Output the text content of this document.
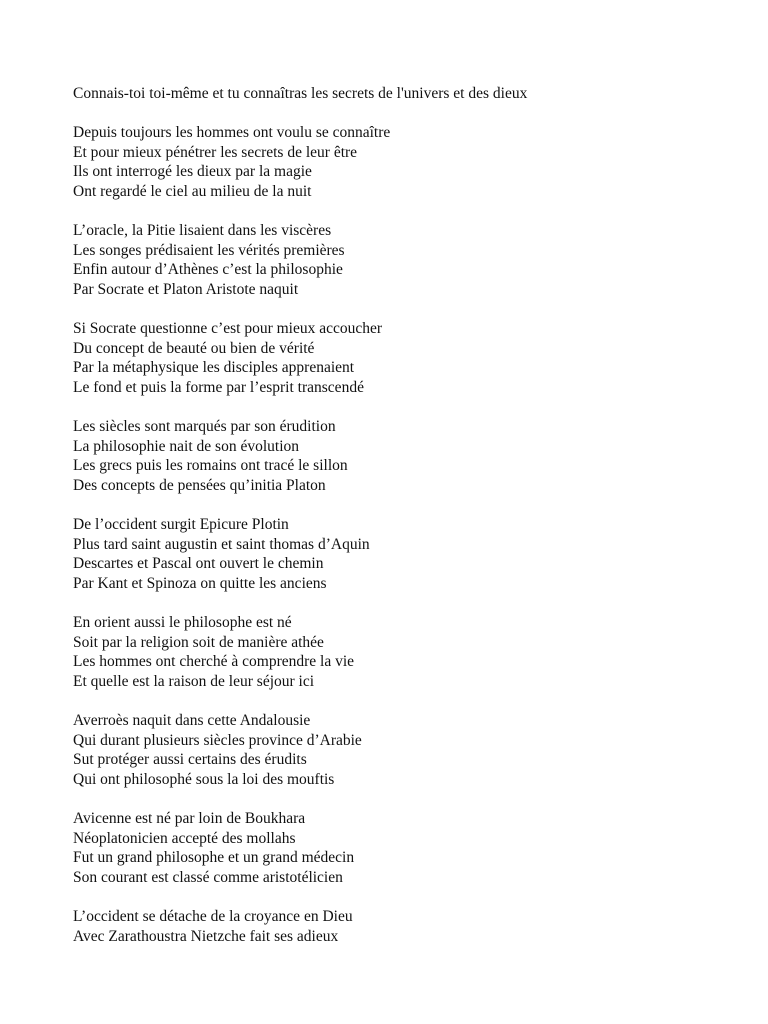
Connais-toi toi-même et tu connaîtras les secrets de l'univers et des dieux
Depuis toujours les hommes ont voulu se connaître
Et pour mieux pénétrer les secrets de leur être
Ils ont interrogé les dieux par la magie
Ont regardé le ciel au milieu de la nuit
L’oracle, la Pitie lisaient dans les viscères
Les songes prédisaient les vérités premières
Enfin autour d’Athènes c’est la philosophie
Par Socrate et Platon Aristote naquit
Si Socrate questionne c’est pour mieux accoucher
Du concept de beauté ou bien de vérité
Par la métaphysique les disciples apprenaient
Le fond et puis la forme par l’esprit transcendé
Les siècles sont marqués par son érudition
La philosophie nait de son évolution
Les grecs puis les romains ont tracé le sillon
Des concepts de pensées qu’initia Platon
De l’occident surgit Epicure Plotin
Plus tard saint augustin et saint thomas d’Aquin
Descartes et Pascal ont ouvert le chemin
Par Kant et Spinoza on quitte les anciens
En orient aussi le philosophe est né
Soit par la religion soit de manière athée
Les hommes ont cherché à comprendre la vie
Et quelle est la raison de leur séjour ici
Averroès naquit dans cette Andalousie
Qui durant plusieurs siècles province d’Arabie
Sut protéger aussi certains des érudits
Qui ont philosophé sous la loi des mouftis
Avicenne est né par loin de Boukhara
Néoplatonicien accepté des mollahs
Fut un grand philosophe et un grand médecin
Son courant est classé comme aristotélicien
L’occident se détache de la croyance en Dieu
Avec Zarathoustra Nietzche fait ses adieux
